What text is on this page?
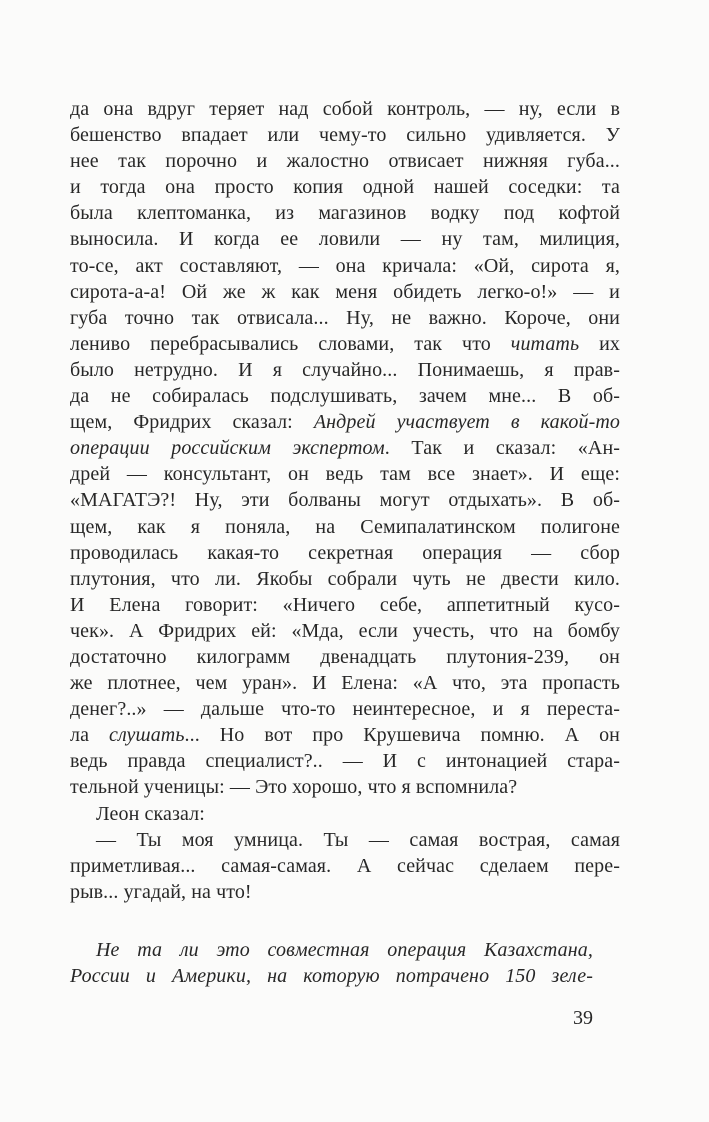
да она вдруг теряет над собой контроль, — ну, если в
бешенство впадает или чему-то сильно удивляется. У
нее так порочно и жалостно отвисает нижняя губа...
и тогда она просто копия одной нашей соседки: та
была клептоманка, из магазинов водку под кофтой
выносила. И когда ее ловили — ну там, милиция,
то-се, акт составляют, — она кричала: «Ой, сирота я,
сирота-а-а! Ой же ж как меня обидеть легко-о!» — и
губа точно так отвисала... Ну, не важно. Короче, они
лениво перебрасывались словами, так что читать их
было нетрудно. И я случайно... Понимаешь, я прав-
да не собиралась подслушивать, зачем мне... В об-
щем, Фридрих сказал: Андрей участвует в какой-то
операции российским экспертом. Так и сказал: «Ан-
дрей — консультант, он ведь там все знает». И еще:
«МАГАТЭ?! Ну, эти болваны могут отдыхать». В об-
щем, как я поняла, на Семипалатинском полигоне
проводилась какая-то секретная операция — сбор
плутония, что ли. Якобы собрали чуть не двести кило.
И Елена говорит: «Ничего себе, аппетитный кусо-
чек». А Фридрих ей: «Мда, если учесть, что на бомбу
достаточно килограмм двенадцать плутония-239, он
же плотнее, чем уран». И Елена: «А что, эта пропасть
денег?..» — дальше что-то неинтересное, и я переста-
ла слушать... Но вот про Крушевича помню. А он
ведь правда специалист?.. — И с интонацией стара-
тельной ученицы: — Это хорошо, что я вспомнила?
Леон сказал:
— Ты моя умница. Ты — самая вострая, самая
приметливая... самая-самая. А сейчас сделаем пере-
рыв... угадай, на что!
Не та ли это совместная операция Казахстана,
России и Америки, на которую потрачено 150 зеле-
39
